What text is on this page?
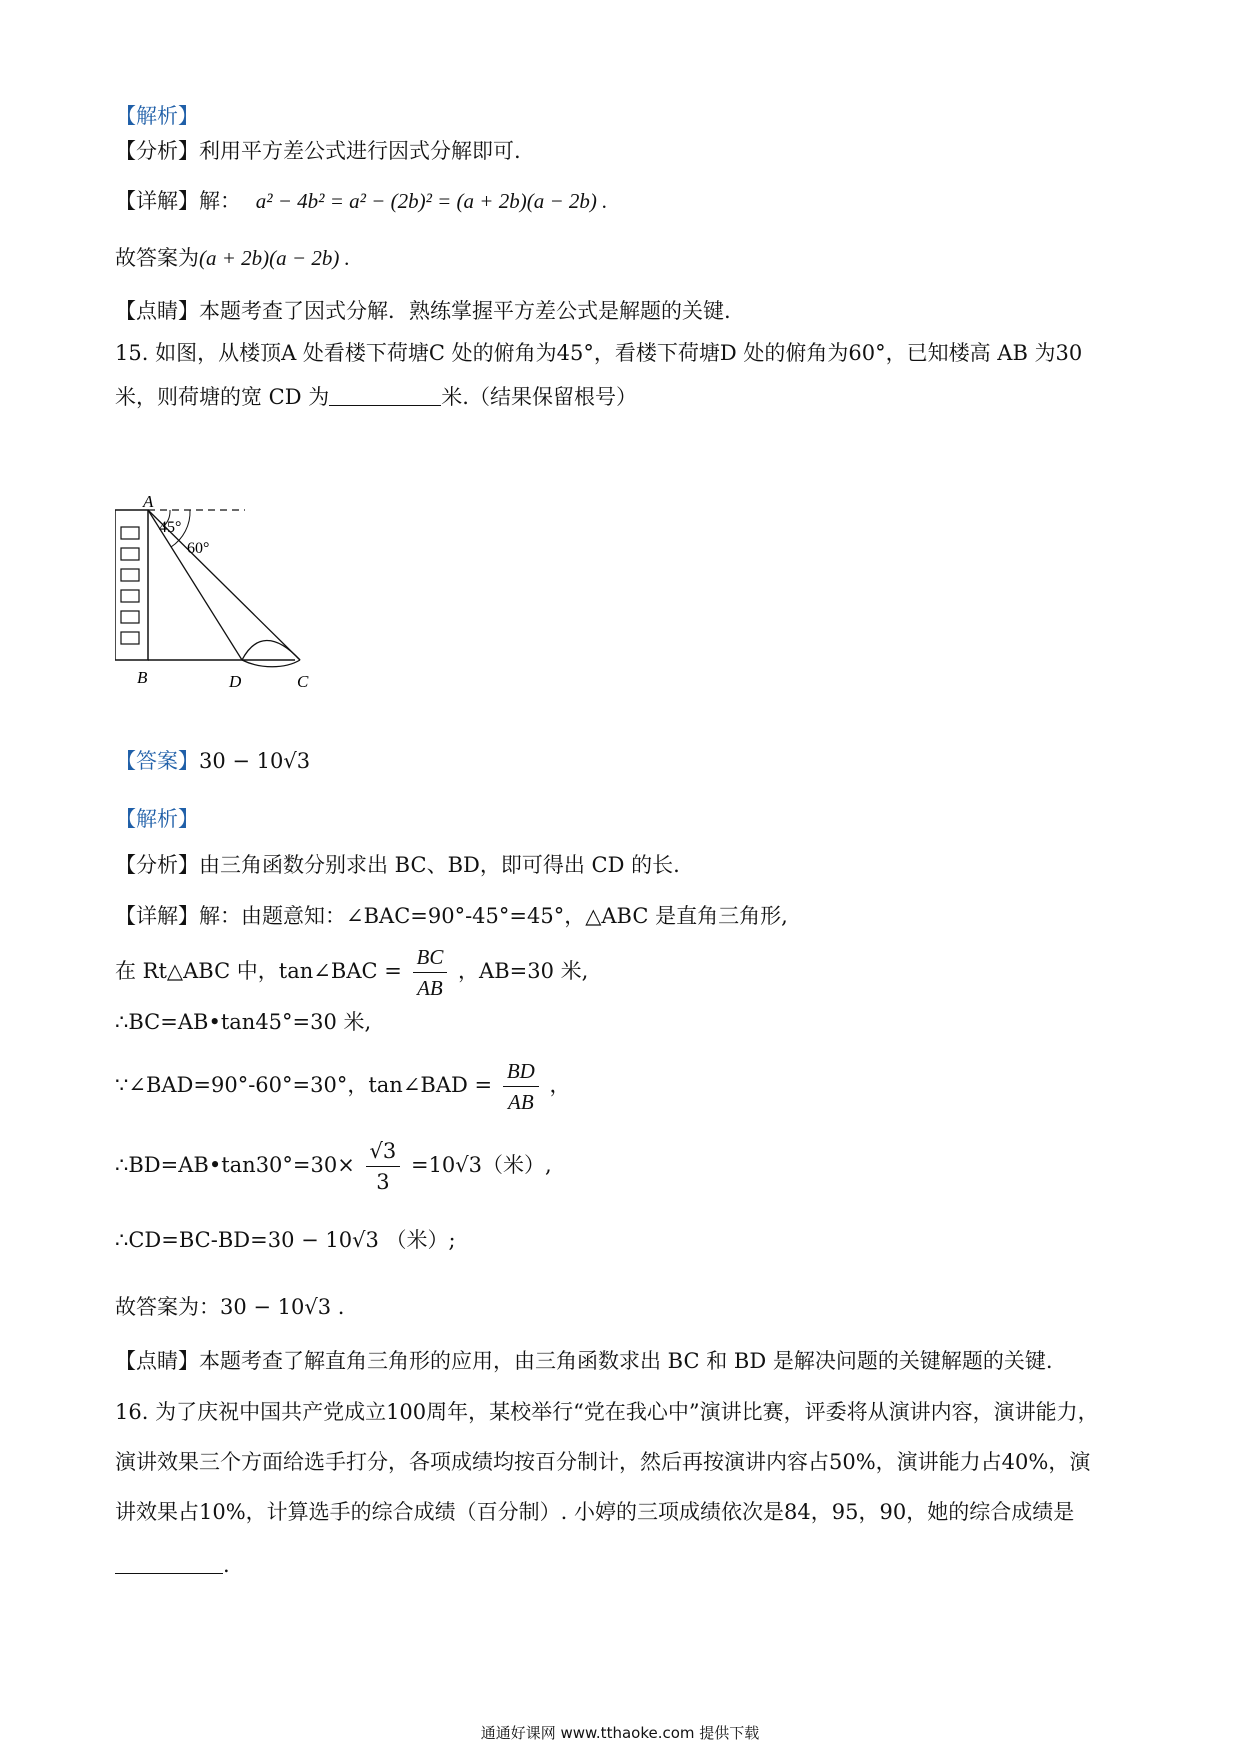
【解析】
【分析】利用平方差公式进行因式分解即可.
【详解】解： a² − 4b² = a² − (2b)² = (a + 2b)(a − 2b) .
故答案为(a + 2b)(a − 2b) .
【点睛】本题考查了因式分解．熟练掌握平方差公式是解题的关键.
15. 如图，从楼顶A 处看楼下荷塘C 处的俯角为45°，看楼下荷塘D 处的俯角为60°，已知楼高 AB 为30
米，则荷塘的宽 CD 为	米.（结果保留根号）
A
45°
60°
B	D	C
【答案】30 − 10√3
【解析】
【分析】由三角函数分别求出 BC、BD，即可得出 CD 的长.
【详解】解：由题意知：∠BAC=90°-45°=45°，△ABC 是直角三角形,
在 Rt△ABC 中，tan∠BAC = $\frac{BC}{AB}$ ，AB=30 米,
∴BC=AB•tan45°=30 米,
∵∠BAD=90°-60°=30°，tan∠BAD = $\frac{BD}{AB}$ ，
∴BD=AB•tan30°=30× $\frac{√3}{3} =10√3$（米）,
∴CD=BC-BD=30 − 10√3 （米）;
故答案为：30 − 10√3 .
【点睛】本题考查了解直角三角形的应用，由三角函数求出 BC 和 BD 是解决问题的关键解题的关键.
16. 为了庆祝中国共产党成立100周年，某校举行“党在我心中”演讲比赛，评委将从演讲内容，演讲能力，
演讲效果三个方面给选手打分，各项成绩均按百分制计，然后再按演讲内容占50%，演讲能力占40%，演
讲效果占10%，计算选手的综合成绩（百分制）. 小婷的三项成绩依次是84，95，90，她的综合成绩是
.
通通好课网 www.tthaoke.com 提供下载
